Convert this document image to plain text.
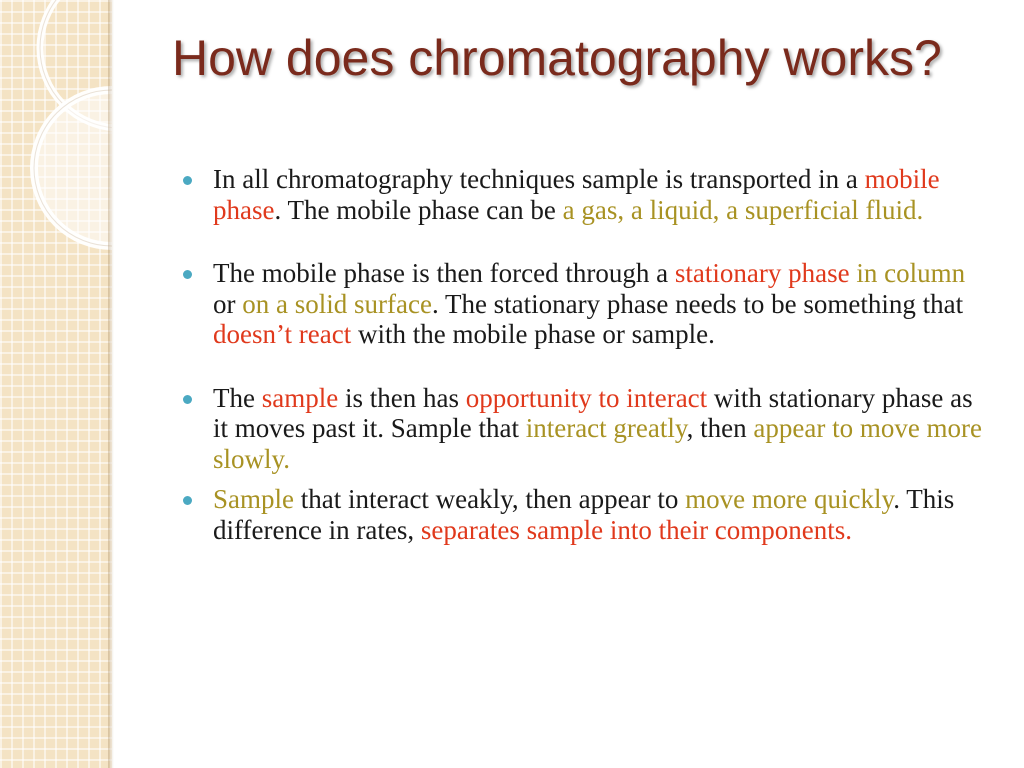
How does chromatography works?
In all chromatography techniques sample is transported in a mobile phase. The mobile phase can be a gas, a liquid, a superficial fluid.
The mobile phase is then forced through a stationary phase in column or on a solid surface. The stationary phase needs to be something that doesn’t react with the mobile phase or sample.
The sample is then has opportunity to interact with stationary phase as it moves past it. Sample that interact greatly, then appear to move more slowly.
Sample that interact weakly, then appear to move more quickly. This difference in rates, separates sample into their components.
